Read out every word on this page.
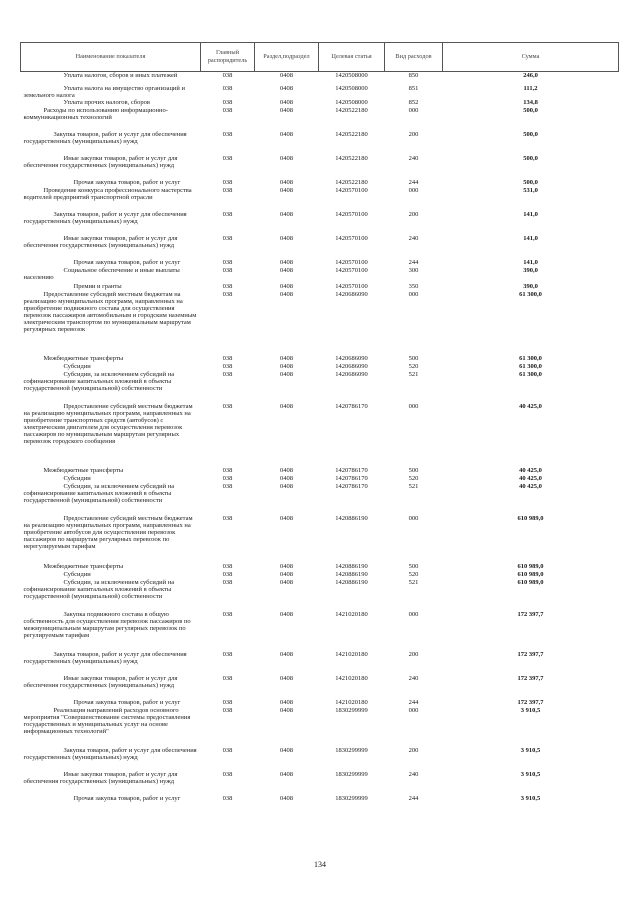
Наименование показателя	Главный распорядитель	Раздел,подраздел	Целевая статья	Вид расходов	Сумма

Уплата налогов, сборов и иных платежей	038	0408	1420508000	850	246,0

Уплата налога на имущество организаций и земельного налога	038	0408	1420508000	851	111,2

Уплата прочих налогов, сборов	038	0408	1420508000	852	134,8

Расходы по использованию информационно-коммуникационных технологий	038	0408	1420522180	000	500,0

Закупка товаров, работ и услуг для обеспечения государственных (муниципальных) нужд	038	0408	1420522180	200	500,0

Иные закупки товаров, работ и услуг для обеспечения государственных (муниципальных) нужд	038	0408	1420522180	240	500,0

Прочая закупка товаров, работ и услуг	038	0408	1420522180	244	500,0

Проведение конкурса профессионального мастерства водителей предприятий транспортной отрасли	038	0408	1420570100	000	531,0

Закупка товаров, работ и услуг для обеспечения государственных (муниципальных) нужд	038	0408	1420570100	200	141,0

Иные закупки товаров, работ и услуг для обеспечения государственных (муниципальных) нужд	038	0408	1420570100	240	141,0

Прочая закупка товаров, работ и услуг	038	0408	1420570100	244	141,0

Социальное обеспечение и иные выплаты населению	038	0408	1420570100	300	390,0

Премии и гранты	038	0408	1420570100	350	390,0

Предоставление субсидий местным бюджетам на реализацию муниципальных программ, направленных на приобретение подвижного состава для осуществления перевозок пассажиров автомобильным и городским наземным электрическим транспортом по муниципальным маршрутам регулярных перевозок	038	0408	1420686090	000	61 300,0

Межбюджетные трансферты	038	0408	1420686090	500	61 300,0

Субсидии	038	0408	1420686090	520	61 300,0

Субсидии, за исключением субсидий на софинансирование капитальных вложений в объекты государственной (муниципальной) собственности	038	0408	1420686090	521	61 300,0

Предоставление субсидий местным бюджетам на реализацию муниципальных программ, направленных на приобретение транспортных средств (автобусов) с электрическим двигателем для осуществления перевозок пассажиров по муниципальным маршрутам регулярных перевозок городского сообщения	038	0408	1420786170	000	40 425,0

Межбюджетные трансферты	038	0408	1420786170	500	40 425,0

Субсидии	038	0408	1420786170	520	40 425,0

Субсидии, за исключением субсидий на софинансирование капитальных вложений в объекты государственной (муниципальной) собственности	038	0408	1420786170	521	40 425,0

Предоставление субсидий местным бюджетам на реализацию муниципальных программ, направленных на приобретение автобусов для осуществления перевозок пассажиров по маршрутам регулярных перевозок по нерегулируемым тарифам	038	0408	1420886190	000	610 989,0

Межбюджетные трансферты	038	0408	1420886190	500	610 989,0

Субсидии	038	0408	1420886190	520	610 989,0

Субсидии, за исключением субсидий на софинансирование капитальных вложений в объекты государственной (муниципальной) собственности	038	0408	1420886190	521	610 989,0

Закупка подвижного состава в общую собственность для осуществления перевозок пассажиров по межмуниципальным маршрутам регулярных перевозок по регулируемым тарифам	038	0408	1421020180	000	172 397,7

Закупка товаров, работ и услуг для обеспечения государственных (муниципальных) нужд	038	0408	1421020180	200	172 397,7

Иные закупки товаров, работ и услуг для обеспечения государственных (муниципальных) нужд	038	0408	1421020180	240	172 397,7

Прочая закупка товаров, работ и услуг	038	0408	1421020180	244	172 397,7

Реализация направлений расходов основного мероприятия "Совершенствование системы предоставления государственных и муниципальных услуг на основе информационных технологий"	038	0408	1830299999	000	3 910,5

Закупка товаров, работ и услуг для обеспечения государственных (муниципальных) нужд	038	0408	1830299999	200	3 910,5

Иные закупки товаров, работ и услуг для обеспечения государственных (муниципальных) нужд	038	0408	1830299999	240	3 910,5

Прочая закупка товаров, работ и услуг	038	0408	1830299999	244	3 910,5
134
